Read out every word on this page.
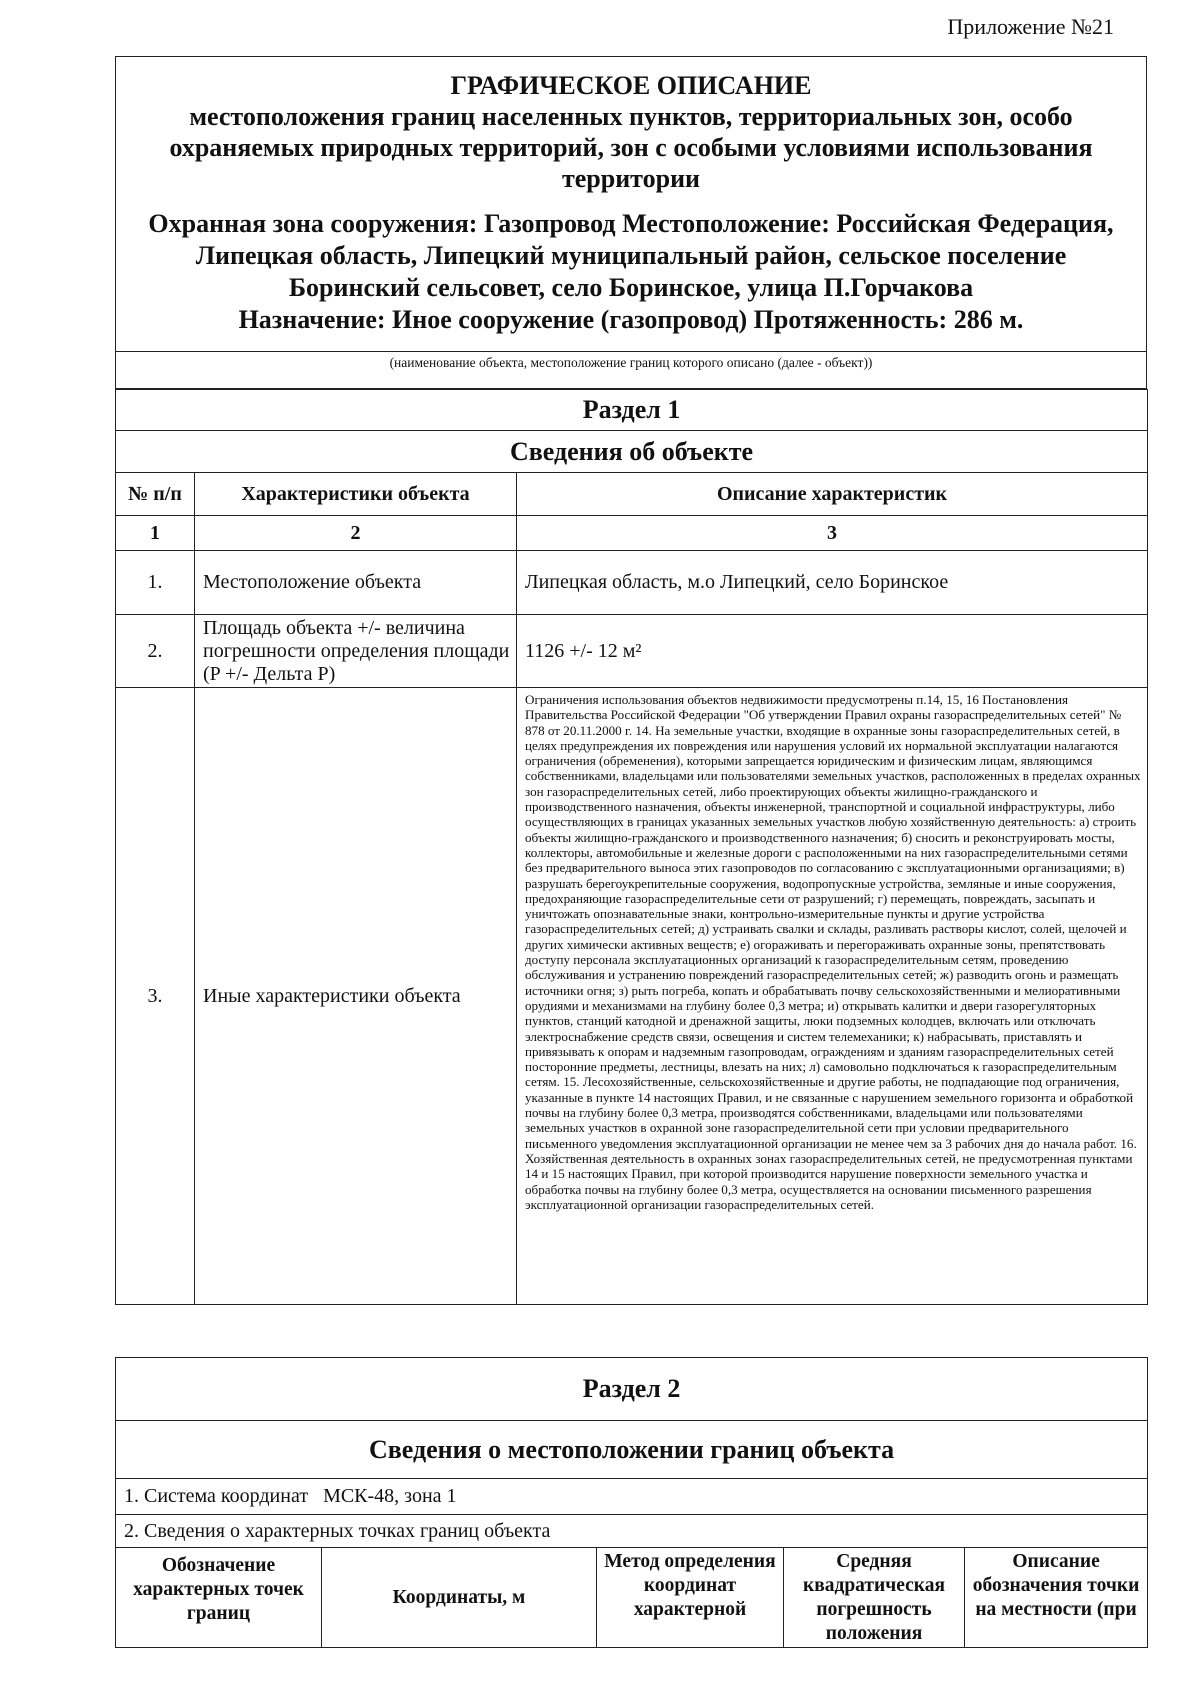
Приложение №21
ГРАФИЧЕСКОЕ ОПИСАНИЕ
местоположения границ населенных пунктов, территориальных зон, особо охраняемых природных территорий, зон с особыми условиями использования территории
Охранная зона сооружения: Газопровод Местоположение: Российская Федерация, Липецкая область, Липецкий муниципальный район, сельское поселение Боринский сельсовет, село Боринское, улица П.Горчакова
Назначение: Иное сооружение (газопровод) Протяженность: 286 м.
(наименование объекта, местоположение границ которого описано (далее - объект))
Раздел 1		
Сведения об объекте		
№ п/п	Характеристики объекта	Описание характеристик
1	2	3
1.	Местоположение объекта	Липецкая область, м.о Липецкий, село Боринское
2.	Площадь объекта +/- величина погрешности определения площади (P +/- Дельта P)	1126 +/- 12 м²
3.	Иные характеристики объекта	Ограничения использования объектов недвижимости предусмотрены п.14, 15, 16 Постановления Правительства Российской Федерации "Об утверждении Правил охраны газораспределительных сетей" № 878 от 20.11.2000 г. 14. На земельные участки, входящие в охранные зоны газораспределительных сетей, в целях предупреждения их повреждения или нарушения условий их нормальной эксплуатации налагаются ограничения (обременения), которыми запрещается юридическим и физическим лицам, являющимся собственниками, владельцами или пользователями земельных участков, расположенных в пределах охранных зон газораспределительных сетей, либо проектирующих объекты жилищно-гражданского и производственного назначения, объекты инженерной, транспортной и социальной инфраструктуры, либо осуществляющих в границах указанных земельных участков любую хозяйственную деятельность: а) строить объекты жилищно-гражданского и производственного назначения; б) сносить и реконструировать мосты, коллекторы, автомобильные и железные дороги с расположенными на них газораспределительными сетями без предварительного выноса этих газопроводов по согласованию с эксплуатационными организациями; в) разрушать берегоукрепительные сооружения, водопропускные устройства, земляные и иные сооружения, предохраняющие газораспределительные сети от разрушений; г) перемещать, повреждать, засыпать и уничтожать опознавательные знаки, контрольно-измерительные пункты и другие устройства газораспределительных сетей; д) устраивать свалки и склады, разливать растворы кислот, солей, щелочей и других химически активных веществ; е) огораживать и перегораживать охранные зоны, препятствовать доступу персонала эксплуатационных организаций к газораспределительным сетям, проведению обслуживания и устранению повреждений газораспределительных сетей; ж) разводить огонь и размещать источники огня; з) рыть погреба, копать и обрабатывать почву сельскохозяйственными и мелиоративными орудиями и механизмами на глубину более 0,3 метра; и) открывать калитки и двери газорегуляторных пунктов, станций катодной и дренажной защиты, люки подземных колодцев, включать или отключать электроснабжение средств связи, освещения и систем телемеханики; к) набрасывать, приставлять и привязывать к опорам и надземным газопроводам, ограждениям и зданиям газораспределительных сетей посторонние предметы, лестницы, влезать на них; л) самовольно подключаться к газораспределительным сетям. 15. Лесохозяйственные, сельскохозяйственные и другие работы, не подпадающие под ограничения, указанные в пункте 14 настоящих Правил, и не связанные с нарушением земельного горизонта и обработкой почвы на глубину более 0,3 метра, производятся собственниками, владельцами или пользователями земельных участков в охранной зоне газораспределительной сети при условии предварительного письменного уведомления эксплуатационной организации не менее чем за 3 рабочих дня до начала работ. 16. Хозяйственная деятельность в охранных зонах газораспределительных сетей, не предусмотренная пунктами 14 и 15 настоящих Правил, при которой производится нарушение поверхности земельного участка и обработка почвы на глубину более 0,3 метра, осуществляется на основании письменного разрешения эксплуатационной организации газораспределительных сетей.
Раздел 2
Сведения о местоположении границ объекта
1. Система координат МСК-48, зона 1
2. Сведения о характерных точках границ объекта
Обозначение характерных точек границ	Координаты, м	Метод определения координат характерной	Средняя квадратическая погрешность положения	Описание обозначения точки на местности (при
